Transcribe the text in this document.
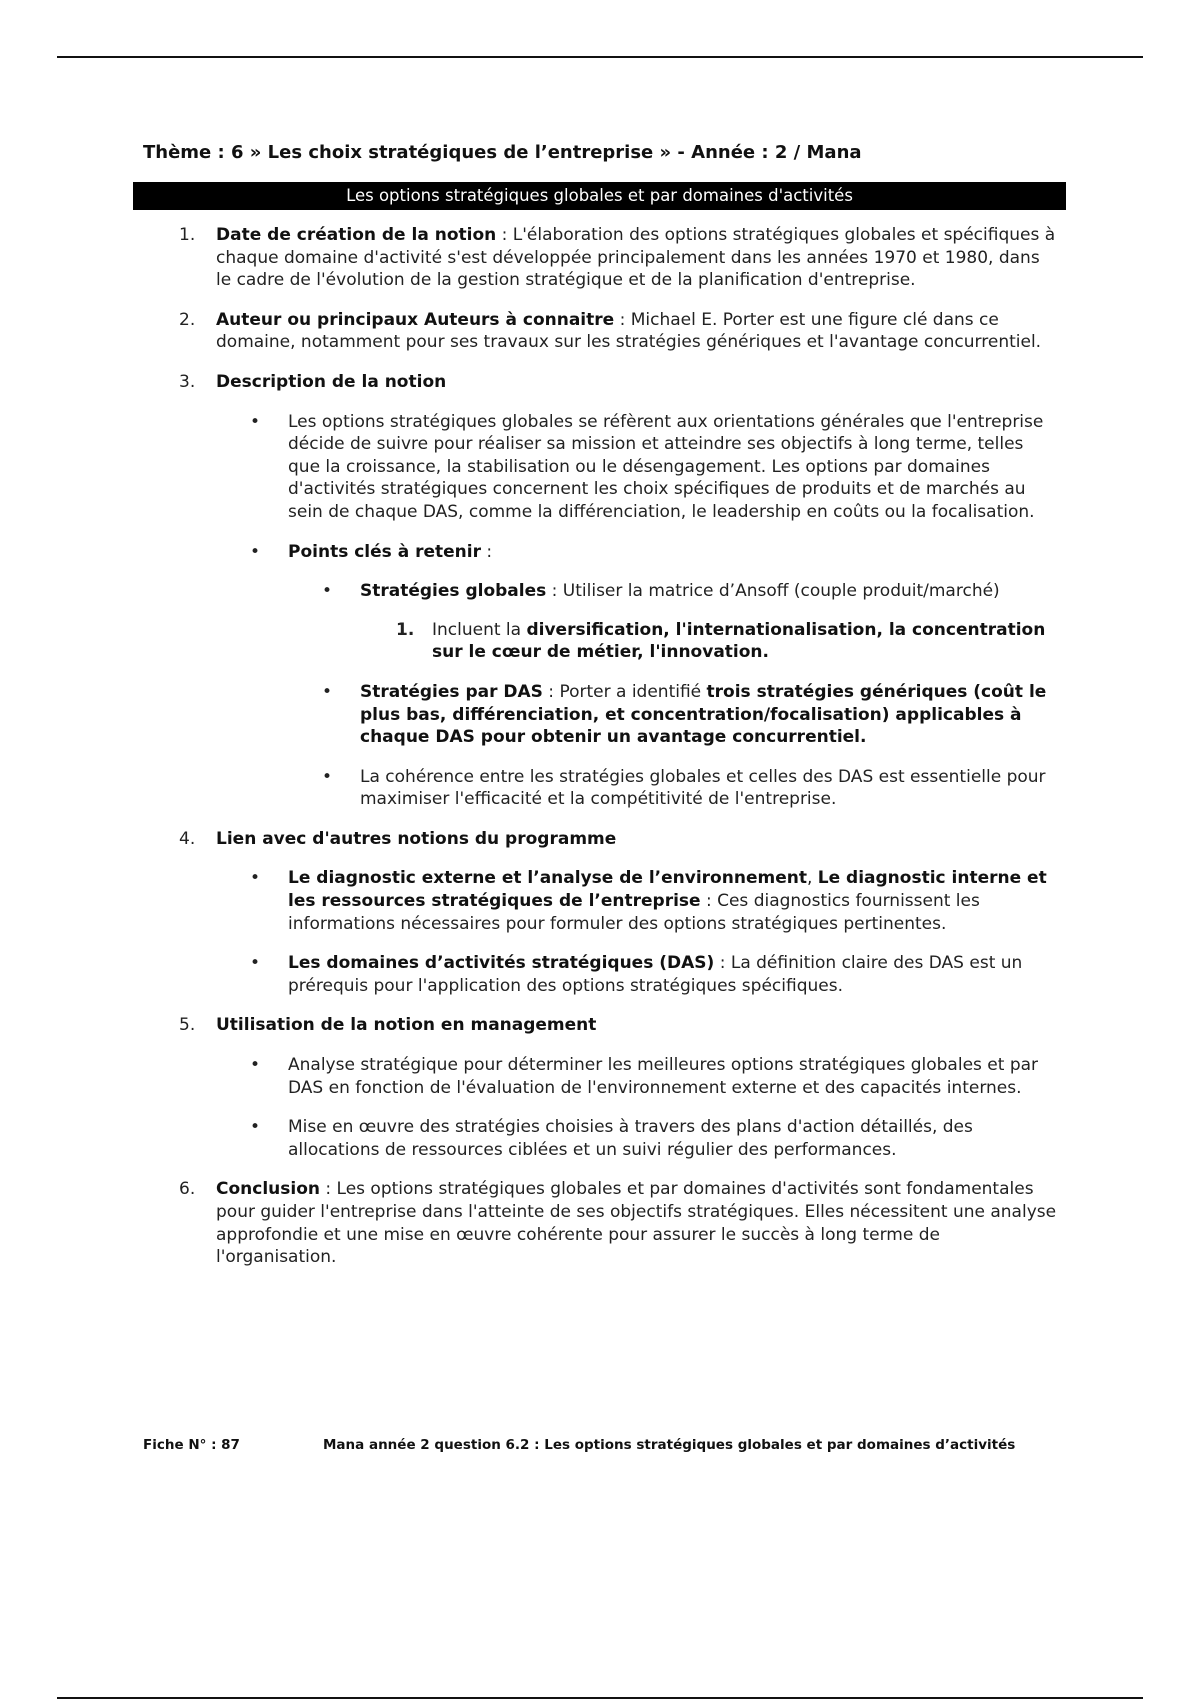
Thème : 6 » Les choix stratégiques de l’entreprise » - Année : 2 / Mana
Les options stratégiques globales et par domaines d'activités
1. Date de création de la notion : L'élaboration des options stratégiques globales et spécifiques à chaque domaine d'activité s'est développée principalement dans les années 1970 et 1980, dans le cadre de l'évolution de la gestion stratégique et de la planification d'entreprise.
2. Auteur ou principaux Auteurs à connaitre : Michael E. Porter est une figure clé dans ce domaine, notamment pour ses travaux sur les stratégies génériques et l'avantage concurrentiel.
3. Description de la notion
• Les options stratégiques globales se réfèrent aux orientations générales que l'entreprise décide de suivre pour réaliser sa mission et atteindre ses objectifs à long terme, telles que la croissance, la stabilisation ou le désengagement. Les options par domaines d'activités stratégiques concernent les choix spécifiques de produits et de marchés au sein de chaque DAS, comme la différenciation, le leadership en coûts ou la focalisation.
• Points clés à retenir :
• Stratégies globales : Utiliser la matrice d’Ansoff (couple produit/marché)
1. Incluent la diversification, l'internationalisation, la concentration sur le cœur de métier, l'innovation.
• Stratégies par DAS : Porter a identifié trois stratégies génériques (coût le plus bas, différenciation, et concentration/focalisation) applicables à chaque DAS pour obtenir un avantage concurrentiel.
• La cohérence entre les stratégies globales et celles des DAS est essentielle pour maximiser l'efficacité et la compétitivité de l'entreprise.
4. Lien avec d'autres notions du programme
• Le diagnostic externe et l’analyse de l’environnement, Le diagnostic interne et les ressources stratégiques de l’entreprise : Ces diagnostics fournissent les informations nécessaires pour formuler des options stratégiques pertinentes.
• Les domaines d’activités stratégiques (DAS) : La définition claire des DAS est un prérequis pour l'application des options stratégiques spécifiques.
5. Utilisation de la notion en management
• Analyse stratégique pour déterminer les meilleures options stratégiques globales et par DAS en fonction de l'évaluation de l'environnement externe et des capacités internes.
• Mise en œuvre des stratégies choisies à travers des plans d'action détaillés, des allocations de ressources ciblées et un suivi régulier des performances.
6. Conclusion : Les options stratégiques globales et par domaines d'activités sont fondamentales pour guider l'entreprise dans l'atteinte de ses objectifs stratégiques. Elles nécessitent une analyse approfondie et une mise en œuvre cohérente pour assurer le succès à long terme de l'organisation.
Fiche N° : 87	Mana année 2 question 6.2 : Les options stratégiques globales et par domaines d’activités
